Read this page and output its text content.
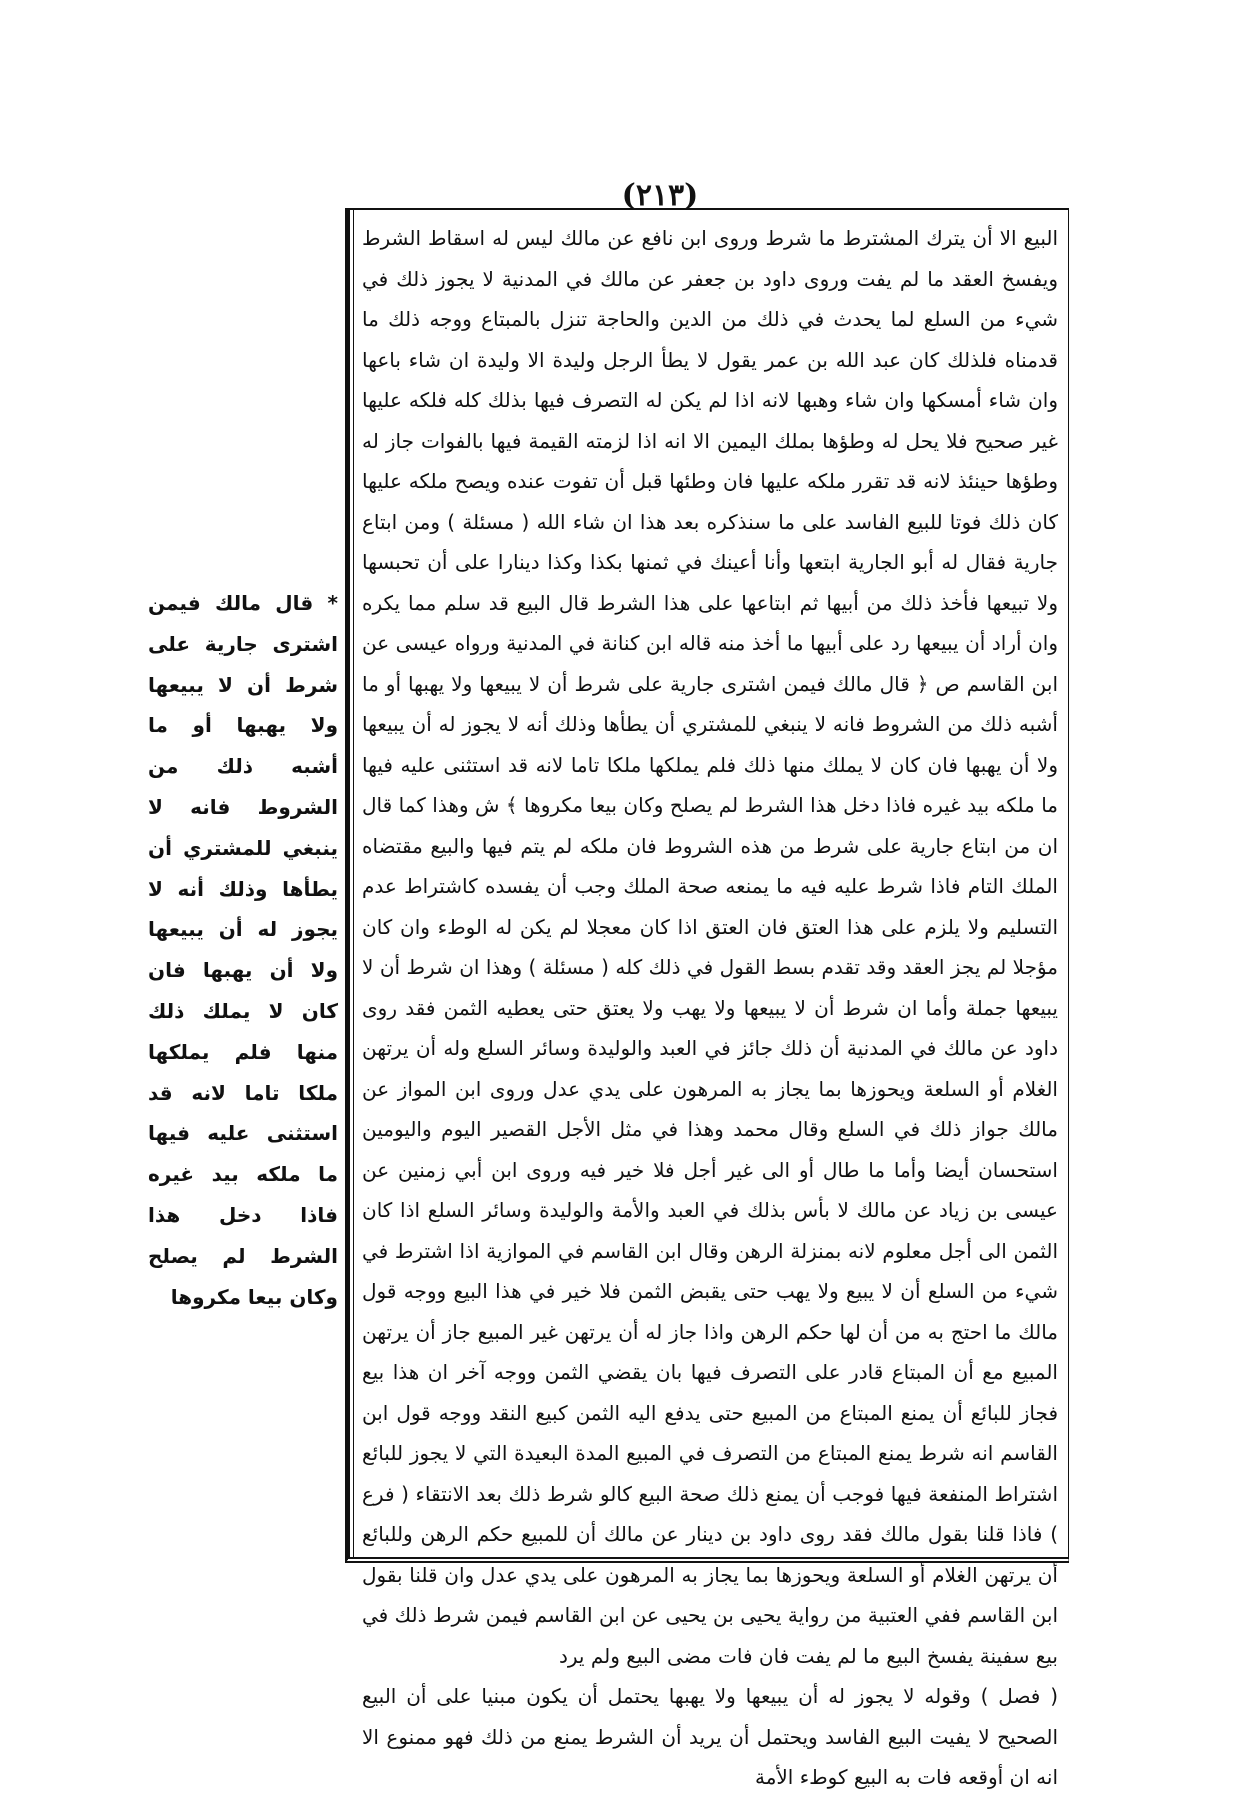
(٢١٣)

البيع الا أن يترك المشترط ما شرط وروى ابن نافع عن مالك ليس له اسقاط الشرط ويفسخ العقد ما لم يفت وروى داود بن جعفر عن مالك في المدنية لا يجوز ذلك في شيء من السلع لما يحدث في ذلك من الدين والحاجة تنزل بالمبتاع ووجه ذلك ما قدمناه فلذلك كان عبد الله بن عمر يقول لا يطأ الرجل وليدة الا وليدة ان شاء باعها وان شاء أمسكها وان شاء وهبها لانه اذا لم يكن له التصرف فيها بذلك كله فلكه عليها غير صحيح فلا يحل له وطؤها بملك اليمين الا انه اذا لزمته القيمة فيها بالفوات جاز له وطؤها حينئذ لانه قد تقرر ملكه عليها فان وطئها قبل أن تفوت عنده ويصح ملكه عليها كان ذلك فوتا للبيع الفاسد على ما سنذكره بعد هذا ان شاء الله ( مسئلة ) ومن ابتاع جارية فقال له أبو الجارية ابتعها وأنا أعينك في ثمنها بكذا وكذا دينارا على أن تحبسها ولا تبيعها فأخذ ذلك من أبيها ثم ابتاعها على هذا الشرط قال البيع قد سلم مما يكره وان أراد أن يبيعها رد على أبيها ما أخذ منه قاله ابن كنانة في المدنية ورواه عيسى عن ابن القاسم ص ﴿ قال مالك فيمن اشترى جارية على شرط أن لا يبيعها ولا يهبها أو ما أشبه ذلك من الشروط فانه لا ينبغي للمشتري أن يطأها وذلك أنه لا يجوز له أن يبيعها ولا أن يهبها فان كان لا يملك منها ذلك فلم يملكها ملكا تاما لانه قد استثنى عليه فيها ما ملكه بيد غيره فاذا دخل هذا الشرط لم يصلح وكان بيعا مكروها ﴾ ش وهذا كما قال ان من ابتاع جارية على شرط من هذه الشروط فان ملكه لم يتم فيها والبيع مقتضاه الملك التام فاذا شرط عليه فيه ما يمنعه صحة الملك وجب أن يفسده كاشتراط عدم التسليم ولا يلزم على هذا العتق فان العتق اذا كان معجلا لم يكن له الوطء وان كان مؤجلا لم يجز العقد وقد تقدم بسط القول في ذلك كله ( مسئلة ) وهذا ان شرط أن لا يبيعها جملة وأما ان شرط أن لا يبيعها ولا يهب ولا يعتق حتى يعطيه الثمن فقد روى داود عن مالك في المدنية أن ذلك جائز في العبد والوليدة وسائر السلع وله أن يرتهن الغلام أو السلعة ويحوزها بما يجاز به المرهون على يدي عدل وروى ابن المواز عن مالك جواز ذلك في السلع وقال محمد وهذا في مثل الأجل القصير اليوم واليومين استحسان أيضا وأما ما طال أو الى غير أجل فلا خير فيه وروى ابن أبي زمنين عن عيسى بن زياد عن مالك لا بأس بذلك في العبد والأمة والوليدة وسائر السلع اذا كان الثمن الى أجل معلوم لانه بمنزلة الرهن وقال ابن القاسم في الموازية اذا اشترط في شيء من السلع أن لا يبيع ولا يهب حتى يقبض الثمن فلا خير في هذا البيع ووجه قول مالك ما احتج به من أن لها حكم الرهن واذا جاز له أن يرتهن غير المبيع جاز أن يرتهن المبيع مع أن المبتاع قادر على التصرف فيها بان يقضي الثمن ووجه آخر ان هذا بيع فجاز للبائع أن يمنع المبتاع من المبيع حتى يدفع اليه الثمن كبيع النقد ووجه قول ابن القاسم انه شرط يمنع المبتاع من التصرف في المبيع المدة البعيدة التي لا يجوز للبائع اشتراط المنفعة فيها فوجب أن يمنع ذلك صحة البيع كالو شرط ذلك بعد الانتقاء ( فرع ) فاذا قلنا بقول مالك فقد روى داود بن دينار عن مالك أن للمبيع حكم الرهن وللبائع أن يرتهن الغلام أو السلعة ويحوزها بما يجاز به المرهون على يدي عدل وان قلنا بقول ابن القاسم ففي العتبية من رواية يحيى بن يحيى عن ابن القاسم فيمن شرط ذلك في بيع سفينة يفسخ البيع ما لم يفت فان فات مضى البيع ولم يرد

( فصل ) وقوله لا يجوز له أن يبيعها ولا يهبها يحتمل أن يكون مبنيا على أن البيع الصحيح لا يفيت البيع الفاسد ويحتمل أن يريد أن الشرط يمنع من ذلك فهو ممنوع الا انه ان أوقعه فات به البيع كوطء الأمة

* قال مالك فيمن اشترى جارية على شرط أن لا يبيعها ولا يهبها أو ما أشبه ذلك من الشروط فانه لا ينبغي للمشتري أن يطأها وذلك أنه لا يجوز له أن يبيعها ولا أن يهبها فان كان لا يملك ذلك منها فلم يملكها ملكا تاما لانه قد استثنى عليه فيها ما ملكه بيد غيره فاذا دخل هذا الشرط لم يصلح وكان بيعا مكروها
